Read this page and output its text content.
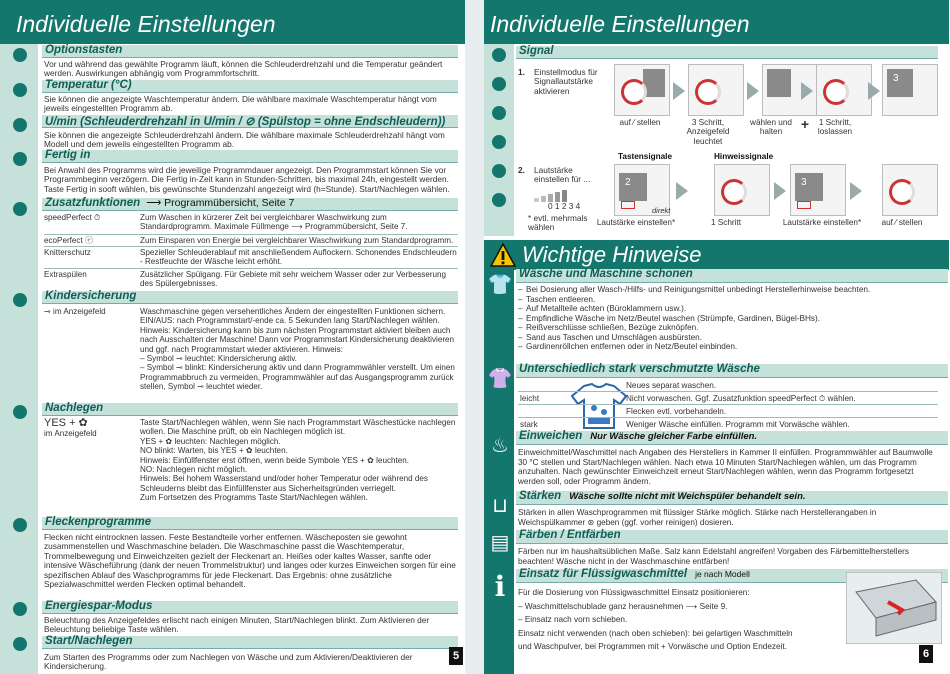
Individuelle Einstellungen
Optionstasten
Vor und während das gewählte Programm läuft, können die Schleuderdrehzahl und die Temperatur geändert werden. Auswirkungen abhängig vom Programmfortschritt.
Temperatur (°C)
Sie können die angezeigte Waschtemperatur ändern. Die wählbare maximale Waschtemperatur hängt vom jeweils eingestellten Programm ab.
U/min (Schleuderdrehzahl in U/min / ⊘ (Spülstop = ohne Endschleudern))
Sie können die angezeigte Schleuderdrehzahl ändern. Die wählbare maximale Schleuderdrehzahl hängt vom Modell und dem jeweils eingestellten Programm ab.
Fertig in
Bei Anwahl des Programms wird die jeweilige Programmdauer angezeigt. Den Programmstart können Sie vor Programmbeginn verzögern. Die Fertig in-Zeit kann in Stunden-Schritten, bis maximal 24h, eingestellt werden. Taste Fertig in sooft wählen, bis gewünschte Stundenzahl angezeigt wird (h=Stunde). Start/Nachlegen wählen.
Zusatzfunktionen ⟶ Programmübersicht, Seite 7
speedPerfect ⏱	Zum Waschen in kürzerer Zeit bei vergleichbarer Waschwirkung zum Standardprogramm. Maximale Füllmenge ⟶ Programmübersicht, Seite 7.
ecoPerfect ⓔ	Zum Einsparen von Energie bei vergleichbarer Waschwirkung zum Standardprogramm.
Knitterschutz	Spezieller Schleuderablauf mit anschließendem Auflockern. Schonendes Endschleudern - Restfeuchte der Wäsche leicht erhöht.
Extraspülen	Zusätzlicher Spülgang. Für Gebiete mit sehr weichem Wasser oder zur Verbesserung des Spülergebnisses.
Kindersicherung
⊸ im Anzeigefeld	Waschmaschine gegen versehentliches Ändern der eingestellten Funktionen sichern.
EIN/AUS: nach Programmstart/-ende ca. 5 Sekunden lang Start/Nachlegen wählen.
Hinweis: Kindersicherung kann bis zum nächsten Programmstart aktiviert bleiben auch nach Ausschalten der Maschine! Dann vor Programmstart Kindersicherung deaktivieren und ggf. nach Programmstart wieder aktivieren. Hinweis:
– Symbol ⊸ leuchtet: Kindersicherung aktiv.
– Symbol ⊸ blinkt: Kindersicherung aktiv und dann Programmwähler verstellt. Um einen Programmabbruch zu vermeiden, Programmwähler auf das Ausgangsprogramm zurück stellen, Symbol ⊸ leuchtet wieder.
Nachlegen
YES + ✿
im Anzeigefeld
Taste Start/Nachlegen wählen, wenn Sie nach Programmstart Wäschestücke nachlegen wollen. Die Maschine prüft, ob ein Nachlegen möglich ist.
YES + ✿ leuchten: Nachlegen möglich.
NO blinkt: Warten, bis YES + ✿ leuchten.
Hinweis: Einfüllfenster erst öffnen, wenn beide Symbole YES + ✿ leuchten.
NO: Nachlegen nicht möglich.
Hinweis: Bei hohem Wasserstand und/oder hoher Temperatur oder während des Schleuderns bleibt das Einfüllfenster aus Sicherheitsgründen verriegelt.
Zum Fortsetzen des Programms Taste Start/Nachlegen wählen.
Fleckenprogramme
Flecken nicht eintrocknen lassen. Feste Bestandteile vorher entfernen. Wäscheposten sie gewohnt zusammenstellen und Waschmaschine beladen. Die Waschmaschine passt die Waschtemperatur, Trommelbewegung und Einweichzeiten gezielt der Fleckenart an. Heißes oder kaltes Wasser, sanfte oder intensive Wäscheführung (dank der neuen Trommelstruktur) und langes oder kurzes Einweichen sorgen für eine spezifischen Ablauf des Waschprogramms für jede Fleckenart. Das Ergebnis: ohne zusätzliche Spezialwaschmittel werden Flecken optimal behandelt.
Energiespar-Modus
Beleuchtung des Anzeigefeldes erlischt nach einigen Minuten, Start/Nachlegen blinkt. Zum Aktivieren der Beleuchtung beliebige Taste wählen.
Start/Nachlegen
Zum Starten des Programms oder zum Nachlegen von Wäsche und zum Aktivieren/Deaktivieren der Kindersicherung.
5
Individuelle Einstellungen
Signal
1. Einstellmodus für Signallautstärke aktivieren
3
auf ⁄ stellen	3 Schritt, Anzeigefeld leuchtet
wählen und halten	+	1 Schritt, loslassen
2. Lautstärke einstellen für ...
0 1 2 3 4
* evtl. mehrmals wählen
Tastensignale	Hinweissignale
2
direkt
3
Lautstärke einstellen*	1 Schritt	Lautstärke einstellen*	auf ⁄ stellen
Wichtige Hinweise
👕
👚
♨
⊔
▤
i
Wäsche und Maschine schonen
– Bei Dosierung aller Wasch-/Hilfs- und Reinigungsmittel unbedingt Herstellerhinweise beachten.
– Taschen entleeren.
– Auf Metallteile achten (Büroklammern usw.).
– Empfindliche Wäsche im Netz/Beutel waschen (Strümpfe, Gardinen, Bügel-BHs).
– Reißverschlüsse schließen, Bezüge zuknöpfen.
– Sand aus Taschen und Umschlägen ausbürsten.
– Gardinenröllchen entfernen oder in Netz/Beutel einbinden.
Unterschiedlich stark verschmutzte Wäsche
Neues separat waschen.
leicht	Nicht vorwaschen. Ggf. Zusatzfunktion speedPerfect ⏱ wählen.
Flecken evtl. vorbehandeln.
stark	Weniger Wäsche einfüllen. Programm mit Vorwäsche wählen.
Einweichen Nur Wäsche gleicher Farbe einfüllen.
Einweichmittel/Waschmittel nach Angaben des Herstellers in Kammer II einfüllen. Programmwähler auf Baumwolle 30 °C stellen und Start/Nachlegen wählen. Nach etwa 10 Minuten Start/Nachlegen wählen, um das Programm anzuhalten. Nach gewünschter Einweichzeit erneut Start/Nachlegen wählen, wenn das Programm fortgesetzt werden soll, oder Programm ändern.
Stärken Wäsche sollte nicht mit Weichspüler behandelt sein.
Stärken in allen Waschprogrammen mit flüssiger Stärke möglich. Stärke nach Herstellerangaben in Weichspülkammer ⊛ geben (ggf. vorher reinigen) dosieren.
Färben / Entfärben
Färben nur im haushaltsüblichen Maße. Salz kann Edelstahl angreifen! Vorgaben des Färbemittelherstellers beachten! Wäsche nicht in der Waschmaschine entfärben!
Einsatz für Flüssigwaschmittel je nach Modell
Für die Dosierung von Flüssigwaschmittel Einsatz positionieren:
– Waschmittelschublade ganz herausnehmen ⟶ Seite 9.
– Einsatz nach vorn schieben.
Einsatz nicht verwenden (nach oben schieben): bei gelartigen Waschmitteln
und Waschpulver, bei Programmen mit + Vorwäsche und Option Endezeit.
6
